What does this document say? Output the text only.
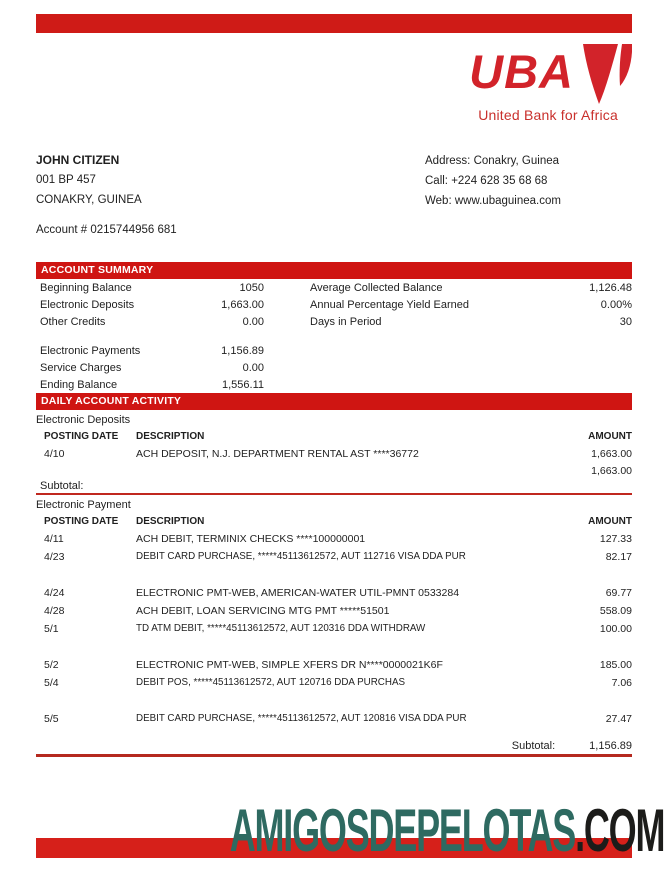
UBA
United Bank for Africa
JOHN CITIZEN
001 BP 457
CONAKRY, GUINEA
Address: Conakry, Guinea
Call: +224 628 35 68 68
Web: www.ubaguinea.com
Account # 0215744956 681
ACCOUNT SUMMARY
Beginning Balance	1050
Electronic Deposits	1,663.00
Other Credits	0.00
Electronic Payments	1,156.89
Service Charges	0.00
Ending Balance	1,556.11
Average Collected Balance	1,126.48
Annual Percentage Yield Earned	0.00%
Days in Period	30
DAILY ACCOUNT ACTIVITY
Electronic Deposits
POSTING DATE	DESCRIPTION	AMOUNT
4/10	ACH DEPOSIT, N.J. DEPARTMENT RENTAL AST ****36772	1,663.00
1,663.00
Subtotal:
Electronic Payment
POSTING DATE	DESCRIPTION	AMOUNT
4/11	ACH DEBIT, TERMINIX CHECKS ****100000001	127.33
4/23	DEBIT CARD PURCHASE, *****45113612572, AUT 112716 VISA DDA PUR	82.17
4/24	ELECTRONIC PMT-WEB, AMERICAN-WATER UTIL-PMNT 0533284	69.77
4/28	ACH DEBIT, LOAN SERVICING MTG PMT *****51501	558.09
5/1	TD ATM DEBIT, *****45113612572, AUT 120316 DDA WITHDRAW	100.00
5/2	ELECTRONIC PMT-WEB, SIMPLE XFERS DR N****0000021K6F	185.00
5/4	DEBIT POS, *****45113612572, AUT 120716 DDA PURCHAS	7.06
5/5	DEBIT CARD PURCHASE, *****45113612572, AUT 120816 VISA DDA PUR	27.47
Subtotal:	1,156.89
AMIGOSDEPELOTAS.COM
